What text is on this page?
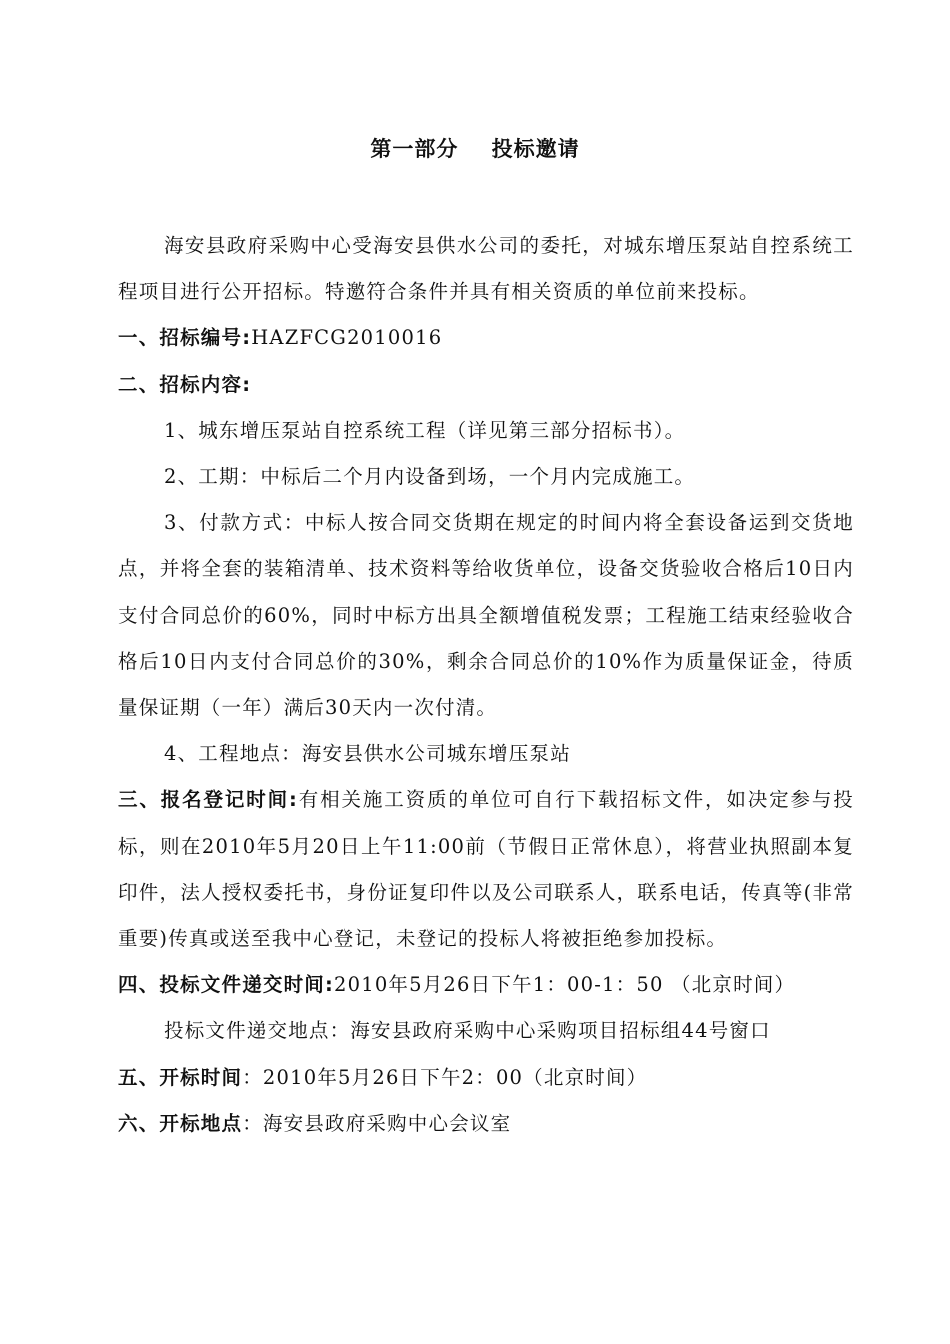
第一部分    投标邀请

海安县政府采购中心受海安县供水公司的委托，对城东增压泵站自控系统工程项目进行公开招标。特邀符合条件并具有相关资质的单位前来投标。

一、招标编号:HAZFCG2010016

二、招标内容:

1、城东增压泵站自控系统工程（详见第三部分招标书）。

2、工期：中标后二个月内设备到场，一个月内完成施工。

3、付款方式：中标人按合同交货期在规定的时间内将全套设备运到交货地点，并将全套的装箱清单、技术资料等给收货单位，设备交货验收合格后10日内支付合同总价的60%，同时中标方出具全额增值税发票；工程施工结束经验收合格后10日内支付合同总价的30%，剩余合同总价的10%作为质量保证金，待质量保证期（一年）满后30天内一次付清。

4、工程地点：海安县供水公司城东增压泵站

三、报名登记时间:有相关施工资质的单位可自行下载招标文件，如决定参与投标，则在2010年5月20日上午11:00前（节假日正常休息），将营业执照副本复印件，法人授权委托书，身份证复印件以及公司联系人，联系电话，传真等(非常重要)传真或送至我中心登记，未登记的投标人将被拒绝参加投标。

四、投标文件递交时间:2010年5月26日下午1：00-1：50 （北京时间）

投标文件递交地点：海安县政府采购中心采购项目招标组44号窗口

五、开标时间：2010年5月26日下午2：00（北京时间）

六、开标地点：海安县政府采购中心会议室
